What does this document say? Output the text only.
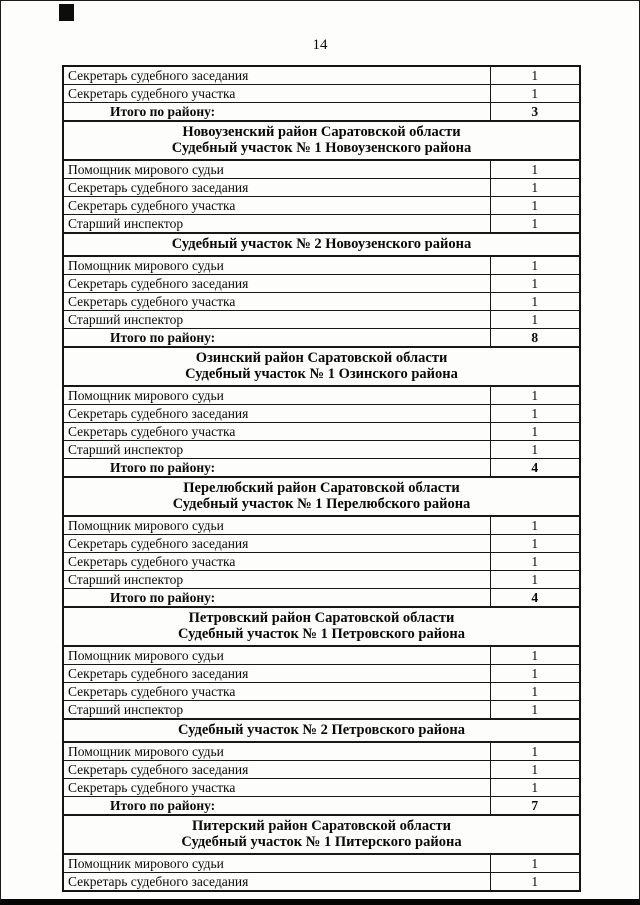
14
Секретарь судебного заседания	1
Секретарь судебного участка	1
Итого по району:	3

Новоузенский район Саратовской области
Судебный участок № 1 Новоузенского района	

Помощник мирового судьи	1
Секретарь судебного заседания	1
Секретарь судебного участка	1
Старший инспектор	1

Судебный участок № 2 Новоузенского района	

Помощник мирового судьи	1
Секретарь судебного заседания	1
Секретарь судебного участка	1
Старший инспектор	1
Итого по району:	8

Озинский район Саратовской области
Судебный участок № 1 Озинского района	

Помощник мирового судьи	1
Секретарь судебного заседания	1
Секретарь судебного участка	1
Старший инспектор	1
Итого по району:	4

Перелюбский район Саратовской области
Судебный участок № 1 Перелюбского района	

Помощник мирового судьи	1
Секретарь судебного заседания	1
Секретарь судебного участка	1
Старший инспектор	1
Итого по району:	4

Петровский район Саратовской области
Судебный участок № 1 Петровского района	

Помощник мирового судьи	1
Секретарь судебного заседания	1
Секретарь судебного участка	1
Старший инспектор	1

Судебный участок № 2 Петровского района	

Помощник мирового судьи	1
Секретарь судебного заседания	1
Секретарь судебного участка	1
Итого по району:	7

Питерский район Саратовской области
Судебный участок № 1 Питерского района	

Помощник мирового судьи	1
Секретарь судебного заседания	1
